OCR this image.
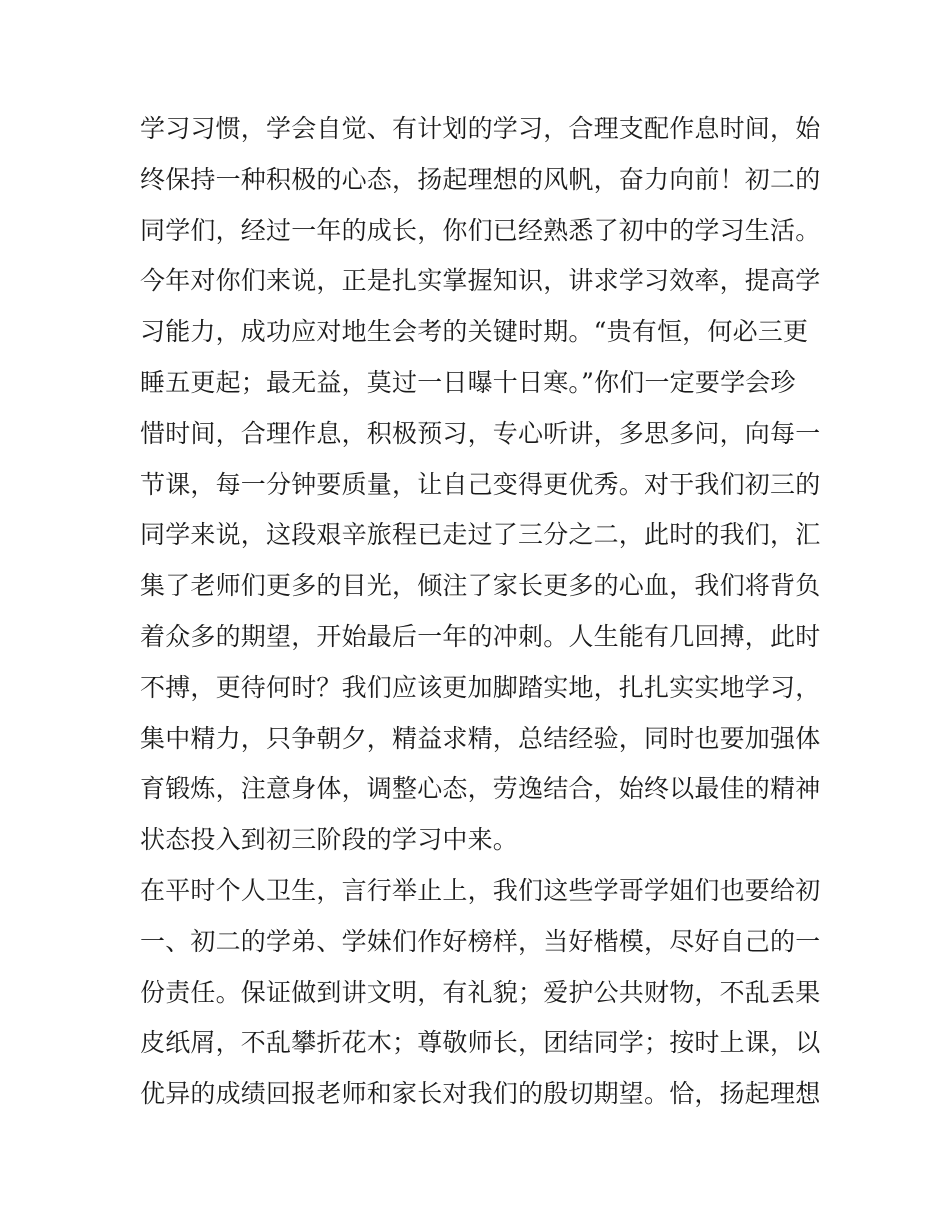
学习习惯，学会自觉、有计划的学习，合理支配作息时间，始
终保持一种积极的心态，扬起理想的风帆，奋力向前！初二的
同学们，经过一年的成长，你们已经熟悉了初中的学习生活。
今年对你们来说，正是扎实掌握知识，讲求学习效率，提高学
习能力，成功应对地生会考的关键时期。“贵有恒，何必三更
睡五更起；最无益，莫过一日曝十日寒。”你们一定要学会珍
惜时间，合理作息，积极预习，专心听讲，多思多问，向每一
节课，每一分钟要质量，让自己变得更优秀。对于我们初三的
同学来说，这段艰辛旅程已走过了三分之二，此时的我们，汇
集了老师们更多的目光，倾注了家长更多的心血，我们将背负
着众多的期望，开始最后一年的冲刺。人生能有几回搏，此时
不搏，更待何时？我们应该更加脚踏实地，扎扎实实地学习，
集中精力，只争朝夕，精益求精，总结经验，同时也要加强体
育锻炼，注意身体，调整心态，劳逸结合，始终以最佳的精神
状态投入到初三阶段的学习中来。
在平时个人卫生，言行举止上，我们这些学哥学姐们也要给初
一、初二的学弟、学妹们作好榜样，当好楷模，尽好自己的一
份责任。保证做到讲文明，有礼貌；爱护公共财物，不乱丢果
皮纸屑，不乱攀折花木；尊敬师长，团结同学；按时上课，以
优异的成绩回报老师和家长对我们的殷切期望。恰，扬起理想
